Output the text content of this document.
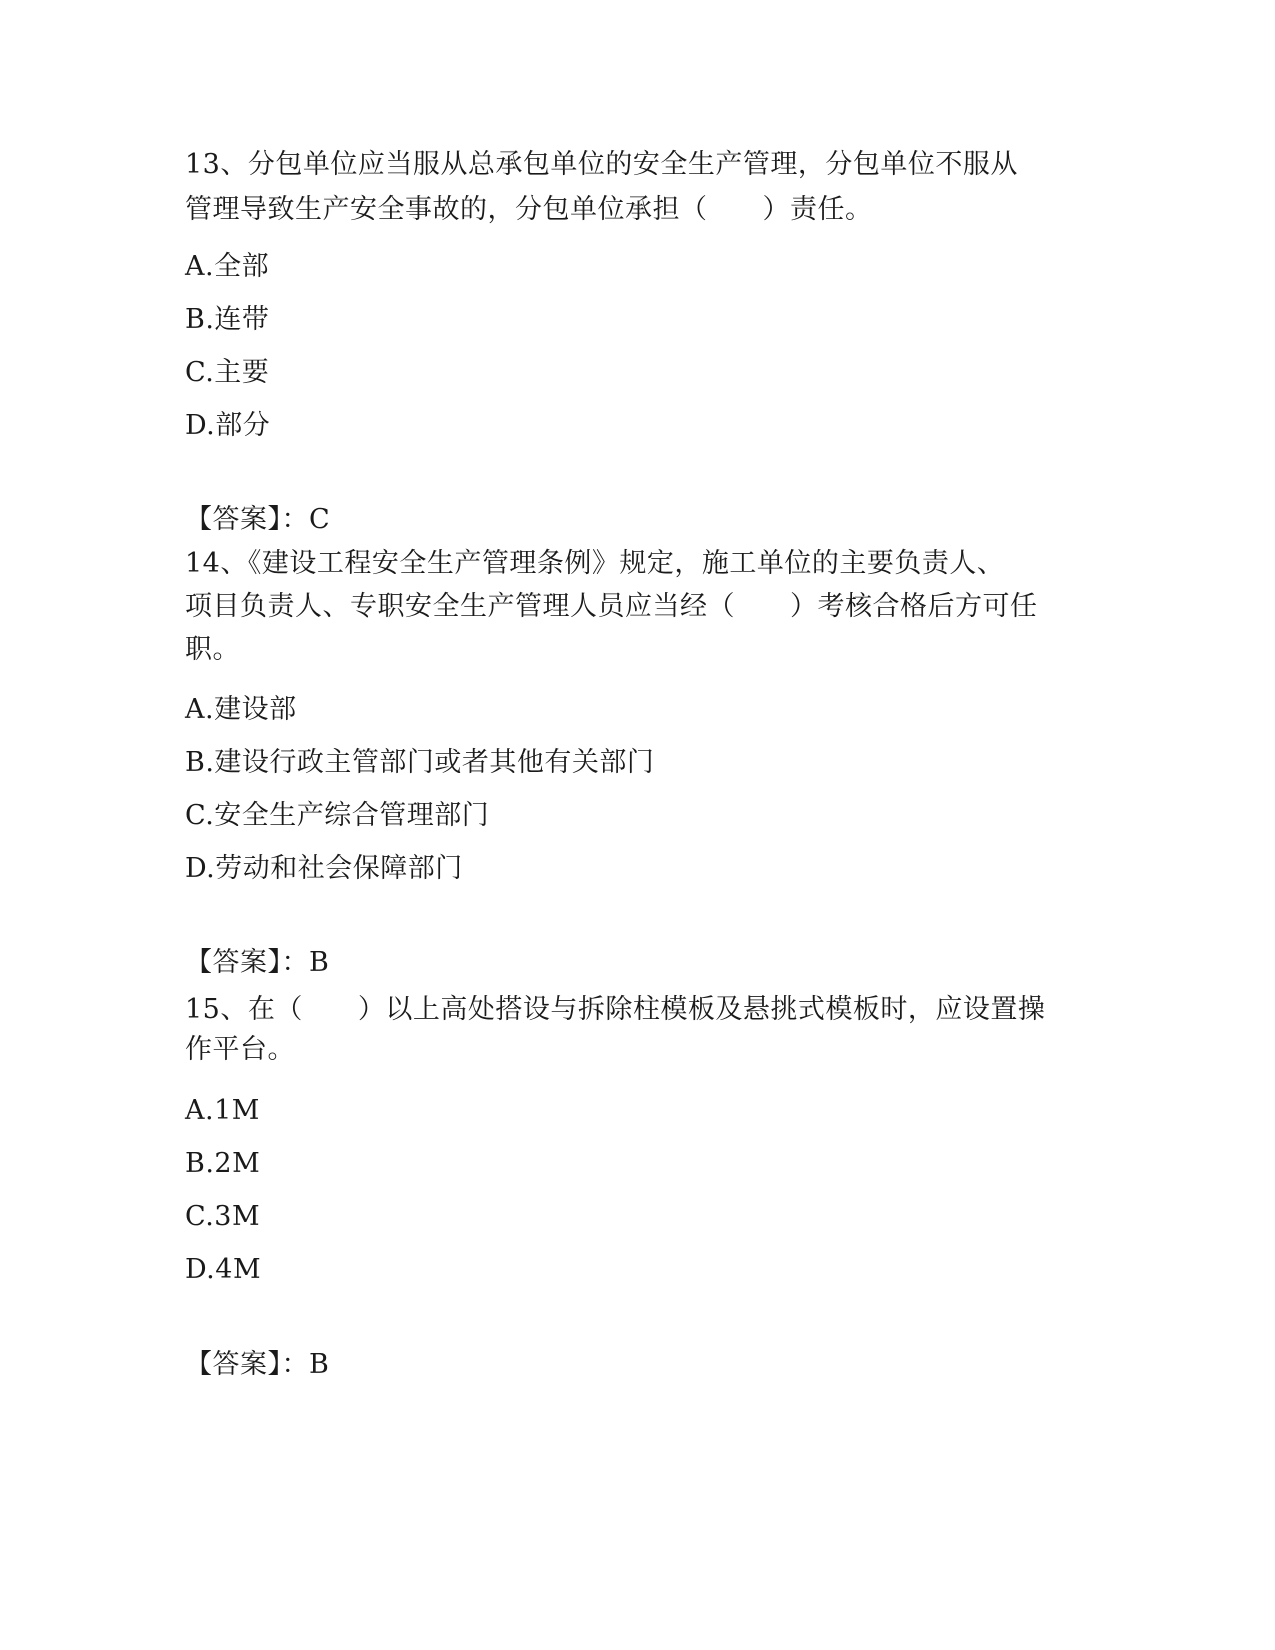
13、分包单位应当服从总承包单位的安全生产管理，分包单位不服从
管理导致生产安全事故的，分包单位承担（　　）责任。
A.全部
B.连带
C.主要
D.部分
【答案】：C
14、《建设工程安全生产管理条例》规定，施工单位的主要负责人、
项目负责人、专职安全生产管理人员应当经（　　）考核合格后方可任
职。
A.建设部
B.建设行政主管部门或者其他有关部门
C.安全生产综合管理部门
D.劳动和社会保障部门
【答案】：B
15、在（　　）以上高处搭设与拆除柱模板及悬挑式模板时，应设置操
作平台。
A.1M
B.2M
C.3M
D.4M
【答案】：B
